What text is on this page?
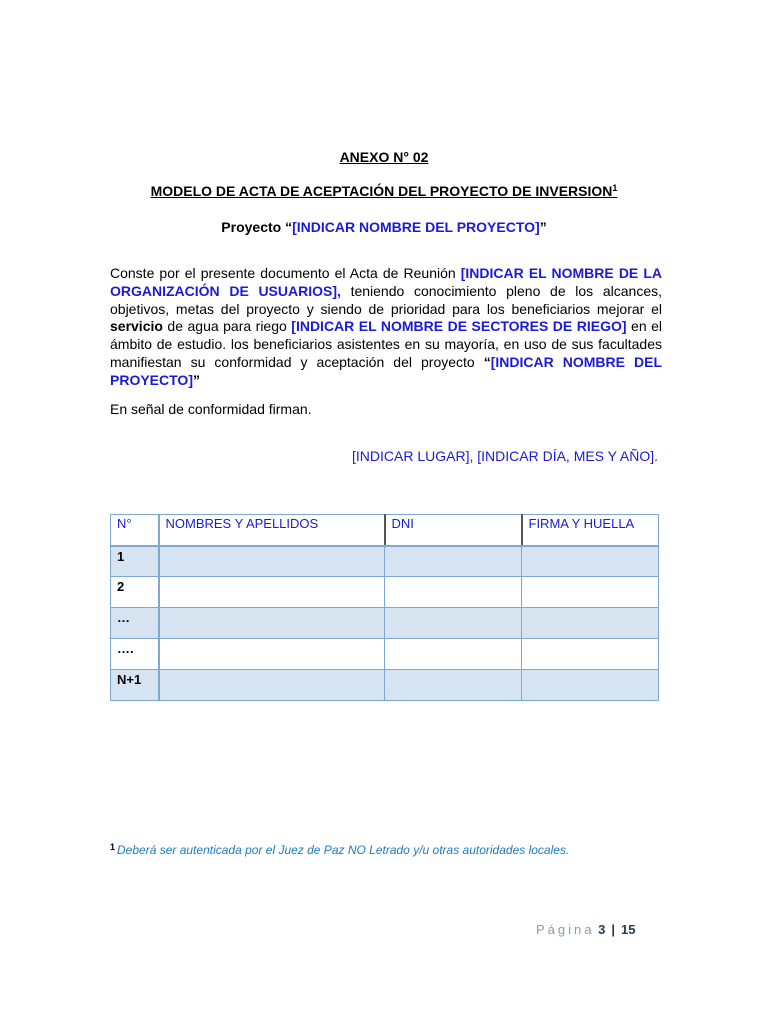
ANEXO N° 02
MODELO DE ACTA DE ACEPTACIÓN DEL PROYECTO DE INVERSION$^1$
Proyecto “[INDICAR NOMBRE DEL PROYECTO]”
Conste por el presente documento el Acta de Reunión [INDICAR EL NOMBRE DE LA ORGANIZACIÓN DE USUARIOS], teniendo conocimiento pleno de los alcances, objetivos, metas del proyecto y siendo de prioridad para los beneficiarios mejorar el servicio de agua para riego [INDICAR EL NOMBRE DE SECTORES DE RIEGO] en el ámbito de estudio. los beneficiarios asistentes en su mayoría, en uso de sus facultades manifiestan su conformidad y aceptación del proyecto “[INDICAR NOMBRE DEL PROYECTO]”
En señal de conformidad firman.
[INDICAR LUGAR], [INDICAR DÍA, MES Y AÑO].
N°	NOMBRES Y APELLIDOS	DNI	FIRMA Y HUELLA
1			
2			
…			
….			
N+1			
$^1$ Deberá ser autenticada por el Juez de Paz NO Letrado y/u otras autoridades locales.
Página 3 | 15
